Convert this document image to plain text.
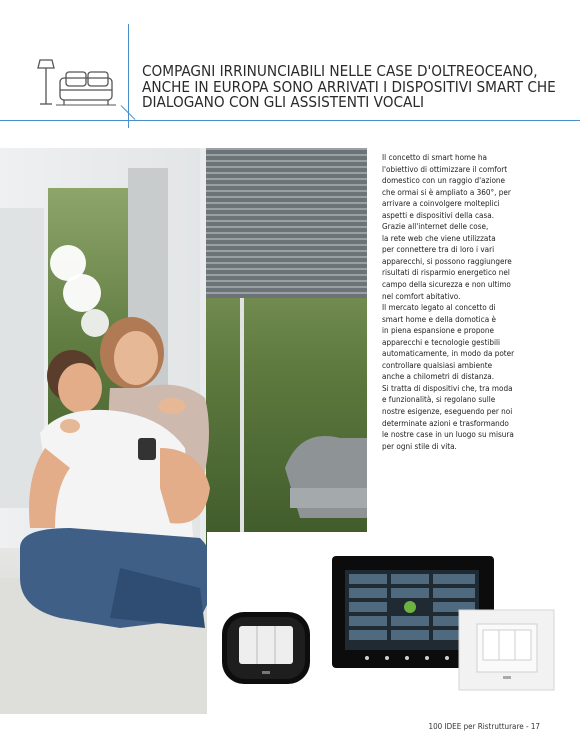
COMPAGNI IRRINUNCIABILI NELLE CASE D'OLTREOCEANO,
ANCHE IN EUROPA SONO ARRIVATI I DISPOSITIVI SMART CHE
DIALOGANO CON GLI ASSISTENTI VOCALI
Il concetto di smart home ha
l'obiettivo di ottimizzare il comfort
domestico con un raggio d'azione
che ormai si è ampliato a 360°, per
arrivare a coinvolgere molteplici
aspetti e dispositivi della casa.
Grazie all'internet delle cose,
la rete web che viene utilizzata
per connettere tra di loro i vari
apparecchi, si possono raggiungere
risultati di risparmio energetico nel
campo della sicurezza e non ultimo
nel comfort abitativo.
Il mercato legato al concetto di
smart home e della domotica è
in piena espansione e propone
apparecchi e tecnologie gestibili
automaticamente, in modo da poter
controllare qualsiasi ambiente
anche a chilometri di distanza.
Si tratta di dispositivi che, tra moda
e funzionalità, si regolano sulle
nostre esigenze, eseguendo per noi
determinate azioni e trasformando
le nostre case in un luogo su misura
per ogni stile di vita.
100 IDEE per Ristrutturare - 17
